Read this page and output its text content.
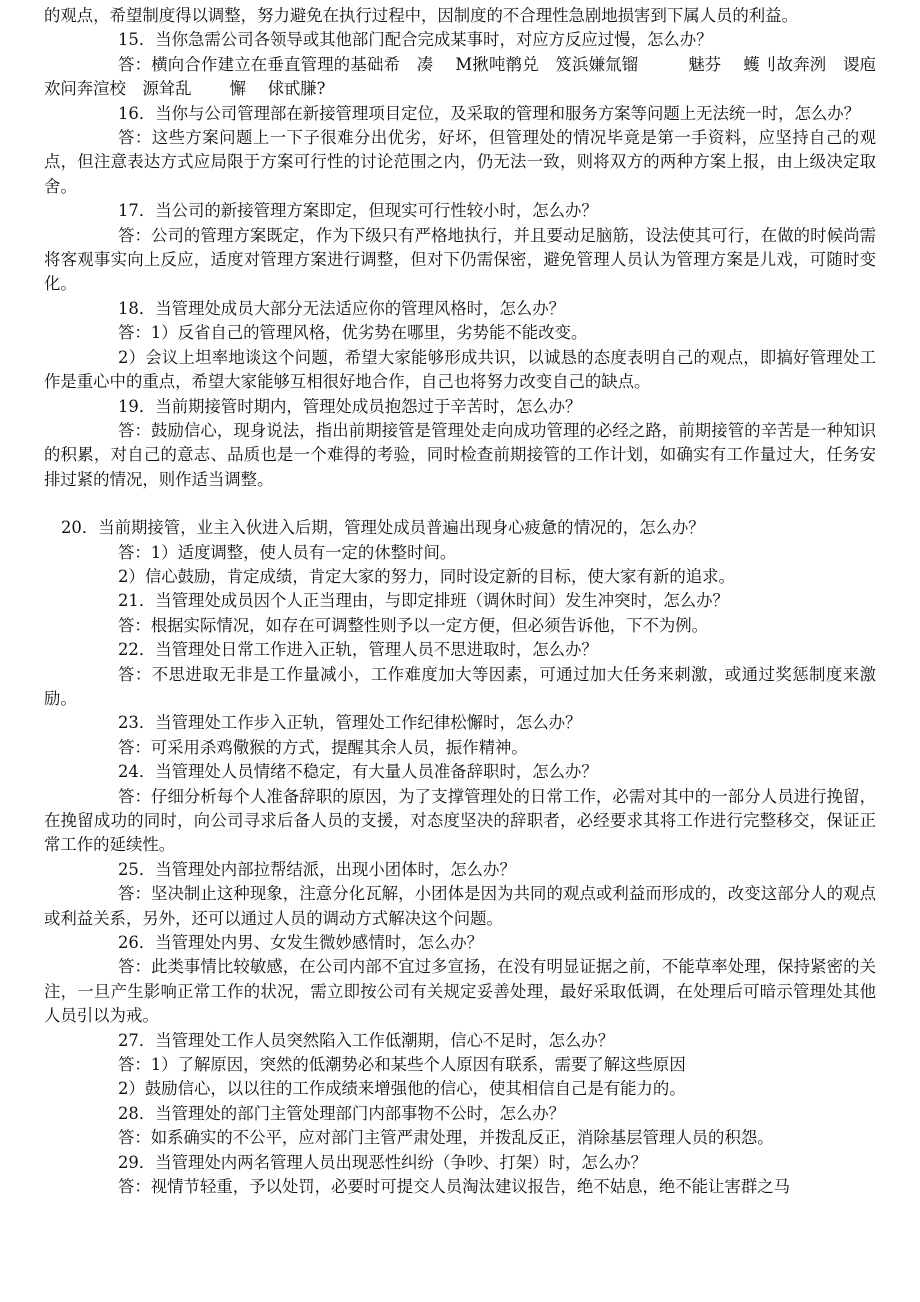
的观点，希望制度得以调整，努力避免在执行过程中，因制度的不合理性急剧地损害到下属人员的利益。

15．当你急需公司各领导或其他部门配合完成某事时，对应方反应过慢，怎么办？

答：横向合作建立在垂直管理的基础希　凑　 M揪吨鹡兑　笈浜嫌氚镏　　　魅芬　 蠖刂故奔洌　谡庖欢问奔渲校　源耸乱　　 懈　 俅甙膁?

16．当你与公司管理部在新接管理项目定位，及采取的管理和服务方案等问题上无法统一时，怎么办？

答：这些方案问题上一下子很难分出优劣，好坏，但管理处的情况毕竟是第一手资料，应坚持自己的观点，但注意表达方式应局限于方案可行性的讨论范围之内，仍无法一致，则将双方的两种方案上报，由上级决定取舍。

17．当公司的新接管理方案即定，但现实可行性较小时，怎么办？

答：公司的管理方案既定，作为下级只有严格地执行，并且要动足脑筋，设法使其可行，在做的时候尚需将客观事实向上反应，适度对管理方案进行调整，但对下仍需保密，避免管理人员认为管理方案是儿戏，可随时变化。

18．当管理处成员大部分无法适应你的管理风格时，怎么办？

答：1）反省自己的管理风格，优劣势在哪里，劣势能不能改变。

2）会议上坦率地谈这个问题，希望大家能够形成共识，以诚恳的态度表明自己的观点，即搞好管理处工作是重心中的重点，希望大家能够互相很好地合作，自己也将努力改变自己的缺点。

19．当前期接管时期内，管理处成员抱怨过于辛苦时，怎么办？

答：鼓励信心，现身说法，指出前期接管是管理处走向成功管理的必经之路，前期接管的辛苦是一种知识的积累，对自己的意志、品质也是一个难得的考验，同时检查前期接管的工作计划，如确实有工作量过大，任务安排过紧的情况，则作适当调整。

20．当前期接管，业主入伙进入后期，管理处成员普遍出现身心疲惫的情况的，怎么办？

答：1）适度调整，使人员有一定的休整时间。

2）信心鼓励，肯定成绩，肯定大家的努力，同时设定新的目标，使大家有新的追求。

21．当管理处成员因个人正当理由，与即定排班（调休时间）发生冲突时，怎么办？

答：根据实际情况，如存在可调整性则予以一定方便，但必须告诉他，下不为例。

22．当管理处日常工作进入正轨，管理人员不思进取时，怎么办？

答：不思进取无非是工作量减小，工作难度加大等因素，可通过加大任务来刺激，或通过奖惩制度来激励。

23．当管理处工作步入正轨，管理处工作纪律松懈时，怎么办？

答：可采用杀鸡儆猴的方式，提醒其余人员，振作精神。

24．当管理处人员情绪不稳定，有大量人员准备辞职时，怎么办？

答：仔细分析每个人准备辞职的原因，为了支撑管理处的日常工作，必需对其中的一部分人员进行挽留，在挽留成功的同时，向公司寻求后备人员的支援，对态度坚决的辞职者，必经要求其将工作进行完整移交，保证正常工作的延续性。

25．当管理处内部拉帮结派，出现小团体时，怎么办？

答：坚决制止这种现象，注意分化瓦解，小团体是因为共同的观点或利益而形成的，改变这部分人的观点或利益关系，另外，还可以通过人员的调动方式解决这个问题。

26．当管理处内男、女发生微妙感情时，怎么办？

答：此类事情比较敏感，在公司内部不宜过多宣扬，在没有明显证据之前，不能草率处理，保持紧密的关注，一旦产生影响正常工作的状况，需立即按公司有关规定妥善处理，最好采取低调，在处理后可暗示管理处其他人员引以为戒。

27．当管理处工作人员突然陷入工作低潮期，信心不足时，怎么办？

答：1）了解原因，突然的低潮势必和某些个人原因有联系，需要了解这些原因

2）鼓励信心，以以往的工作成绩来增强他的信心，使其相信自己是有能力的。

28．当管理处的部门主管处理部门内部事物不公时，怎么办？

答：如系确实的不公平，应对部门主管严肃处理，并拨乱反正，消除基层管理人员的积怨。

29．当管理处内两名管理人员出现恶性纠纷（争吵、打架）时，怎么办？

答：视情节轻重，予以处罚，必要时可提交人员淘汰建议报告，绝不姑息，绝不能让害群之马
